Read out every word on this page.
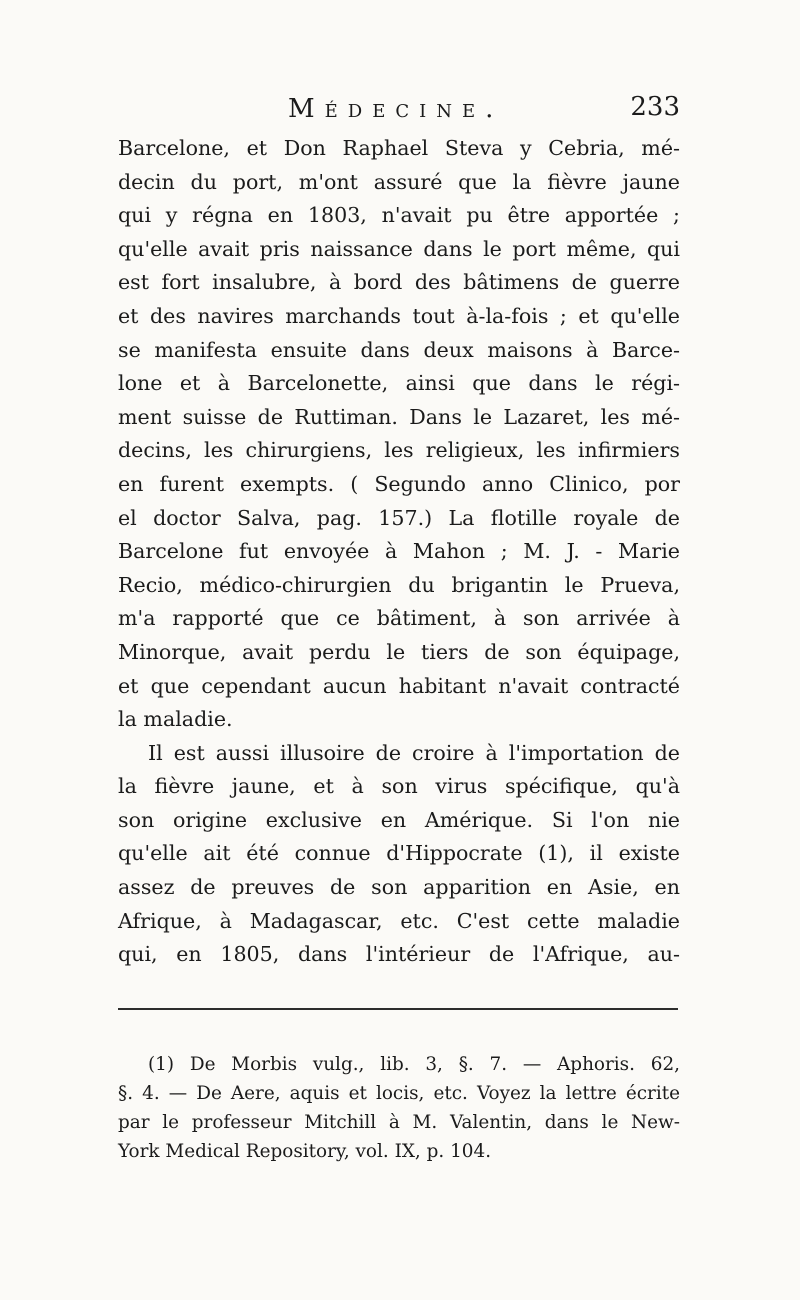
Médecine.	233
Barcelone, et Don Raphael Steva y Cebria, mé-
decin du port, m'ont assuré que la fièvre jaune
qui y régna en 1803, n'avait pu être apportée ;
qu'elle avait pris naissance dans le port même, qui
est fort insalubre, à bord des bâtimens de guerre
et des navires marchands tout à-la-fois ; et qu'elle
se manifesta ensuite dans deux maisons à Barce-
lone et à Barcelonette, ainsi que dans le régi-
ment suisse de Ruttiman. Dans le Lazaret, les mé-
decins, les chirurgiens, les religieux, les infirmiers
en furent exempts. ( Segundo anno Clinico, por
el doctor Salva, pag. 157.) La flotille royale de
Barcelone fut envoyée à Mahon ; M. J. - Marie
Recio, médico-chirurgien du brigantin le Prueva,
m'a rapporté que ce bâtiment, à son arrivée à
Minorque, avait perdu le tiers de son équipage,
et que cependant aucun habitant n'avait contracté
la maladie.
Il est aussi illusoire de croire à l'importation de
la fièvre jaune, et à son virus spécifique, qu'à
son origine exclusive en Amérique. Si l'on nie
qu'elle ait été connue d'Hippocrate (1), il existe
assez de preuves de son apparition en Asie, en
Afrique, à Madagascar, etc. C'est cette maladie
qui, en 1805, dans l'intérieur de l'Afrique, au-
(1) De Morbis vulg., lib. 3, §. 7. — Aphoris. 62,
§. 4. — De Aere, aquis et locis, etc. Voyez la lettre écrite
par le professeur Mitchill à M. Valentin, dans le New-
York Medical Repository, vol. IX, p. 104.
